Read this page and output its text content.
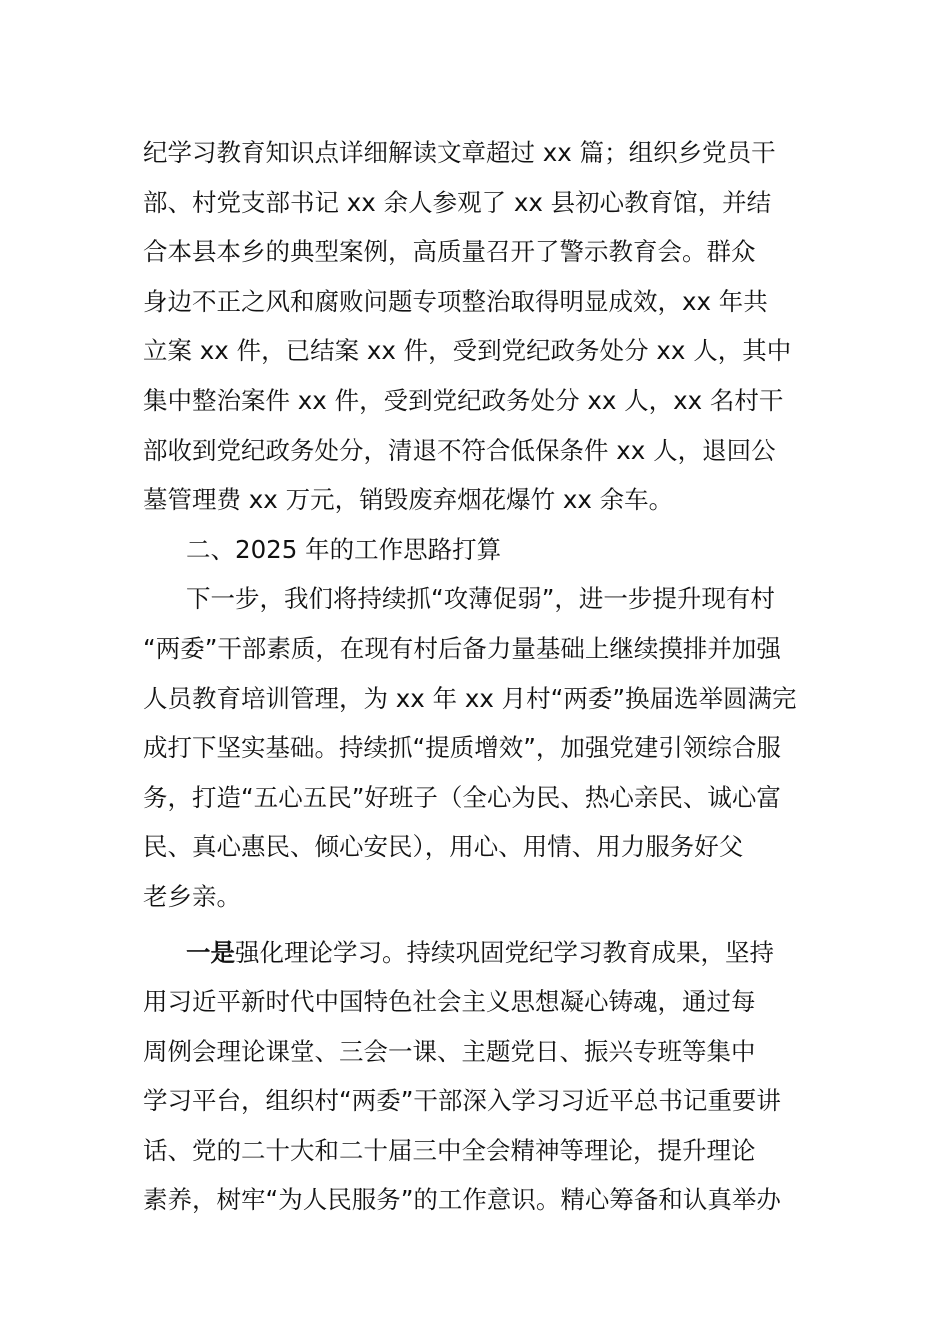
纪学习教育知识点详细解读文章超过 xx 篇；组织乡党员干
部、村党支部书记 xx 余人参观了 xx 县初心教育馆，并结
合本县本乡的典型案例，高质量召开了警示教育会。群众
身边不正之风和腐败问题专项整治取得明显成效，xx 年共
立案 xx 件，已结案 xx 件，受到党纪政务处分 xx 人，其中
集中整治案件 xx 件，受到党纪政务处分 xx 人，xx 名村干
部收到党纪政务处分，清退不符合低保条件 xx 人，退回公
墓管理费 xx 万元，销毁废弃烟花爆竹 xx 余车。
二、2025 年的工作思路打算
下一步，我们将持续抓“攻薄促弱”，进一步提升现有村
“两委”干部素质，在现有村后备力量基础上继续摸排并加强
人员教育培训管理，为 xx 年 xx 月村“两委”换届选举圆满完
成打下坚实基础。持续抓“提质增效”，加强党建引领综合服
务，打造“五心五民”好班子（全心为民、热心亲民、诚心富
民、真心惠民、倾心安民），用心、用情、用力服务好父
老乡亲。
一是强化理论学习。持续巩固党纪学习教育成果，坚持
用习近平新时代中国特色社会主义思想凝心铸魂，通过每
周例会理论课堂、三会一课、主题党日、振兴专班等集中
学习平台，组织村“两委”干部深入学习习近平总书记重要讲
话、党的二十大和二十届三中全会精神等理论，提升理论
素养，树牢“为人民服务”的工作意识。精心筹备和认真举办
